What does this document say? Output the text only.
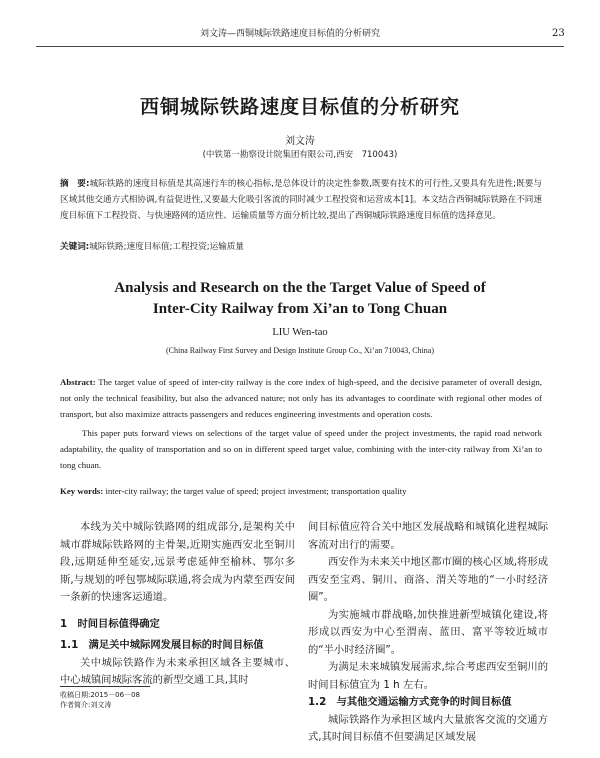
刘文涛—西铜城际铁路速度目标值的分析研究	23
西铜城际铁路速度目标值的分析研究
刘文涛
(中铁第一勘察设计院集团有限公司,西安　710043)
摘　要:城际铁路的速度目标值是其高速行车的核心指标,是总体设计的决定性参数,既要有技术的可行性,又要具有先进性;既要与区域其他交通方式相协调,有益促进性,又要最大化吸引客流的同时减少工程投资和运营成本[1]。本文结合西铜城际铁路在不同速度目标值下工程投资、与快速路网的适应性、运输质量等方面分析比较,提出了西铜城际铁路速度目标值的选择意见。
关键词:城际铁路;速度目标值;工程投资;运输质量
Analysis and Research on the the Target Value of Speed of
Inter-City Railway from Xi’an to Tong Chuan
LIU Wen-tao
(China Railway First Survey and Design Institute Group Co., Xi’an 710043, China)

Abstract: The target value of speed of inter-city railway is the core index of high-speed, and the decisive parameter of overall design, not only the technical feasibility, but also the advanced nature; not only has its advantages to coordinate with regional other modes of transport, but also maximize attracts passengers and reduces engineering investments and operation costs.

This paper puts forward views on selections of the target value of speed under the project investments, the rapid road network adaptability, the quality of transportation and so on in different speed target value, combining with the inter-city railway from Xi’an to tong chuan.

Key words: inter-city railway; the target value of speed; project investment; transportation quality

本线为关中城际铁路网的组成部分,是架构关中城市群城际铁路网的主骨架,近期实施西安北至铜川段,远期延伸至延安,远景考虑延伸至榆林、鄂尔多斯,与规划的呼包鄂城际联通,将会成为内蒙至西安间一条新的快速客运通道。

1　时间目标值得确定

1.1　满足关中城际网发展目标的时间目标值

关中城际铁路作为未来承担区域各主要城市、中心城镇间城际客流的新型交通工具,其时

间目标值应符合关中地区发展战略和城镇化进程城际客流对出行的需要。

西安作为未来关中地区都市圈的核心区域,将形成西安至宝鸡、铜川、商洛、渭关等地的“一小时经济圈”。

为实施城市群战略,加快推进新型城镇化建设,将形成以西安为中心至渭南、蓝田、富平等较近城市的“半小时经济圈”。

为满足未来城镇发展需求,综合考虑西安至铜川的时间目标值宜为 1 h 左右。

1.2　与其他交通运输方式竞争的时间目标值

城际铁路作为承担区域内大量旅客交流的交通方式,其时间目标值不但要满足区域发展

收稿日期:2015－06－08
作者简介:刘文涛
